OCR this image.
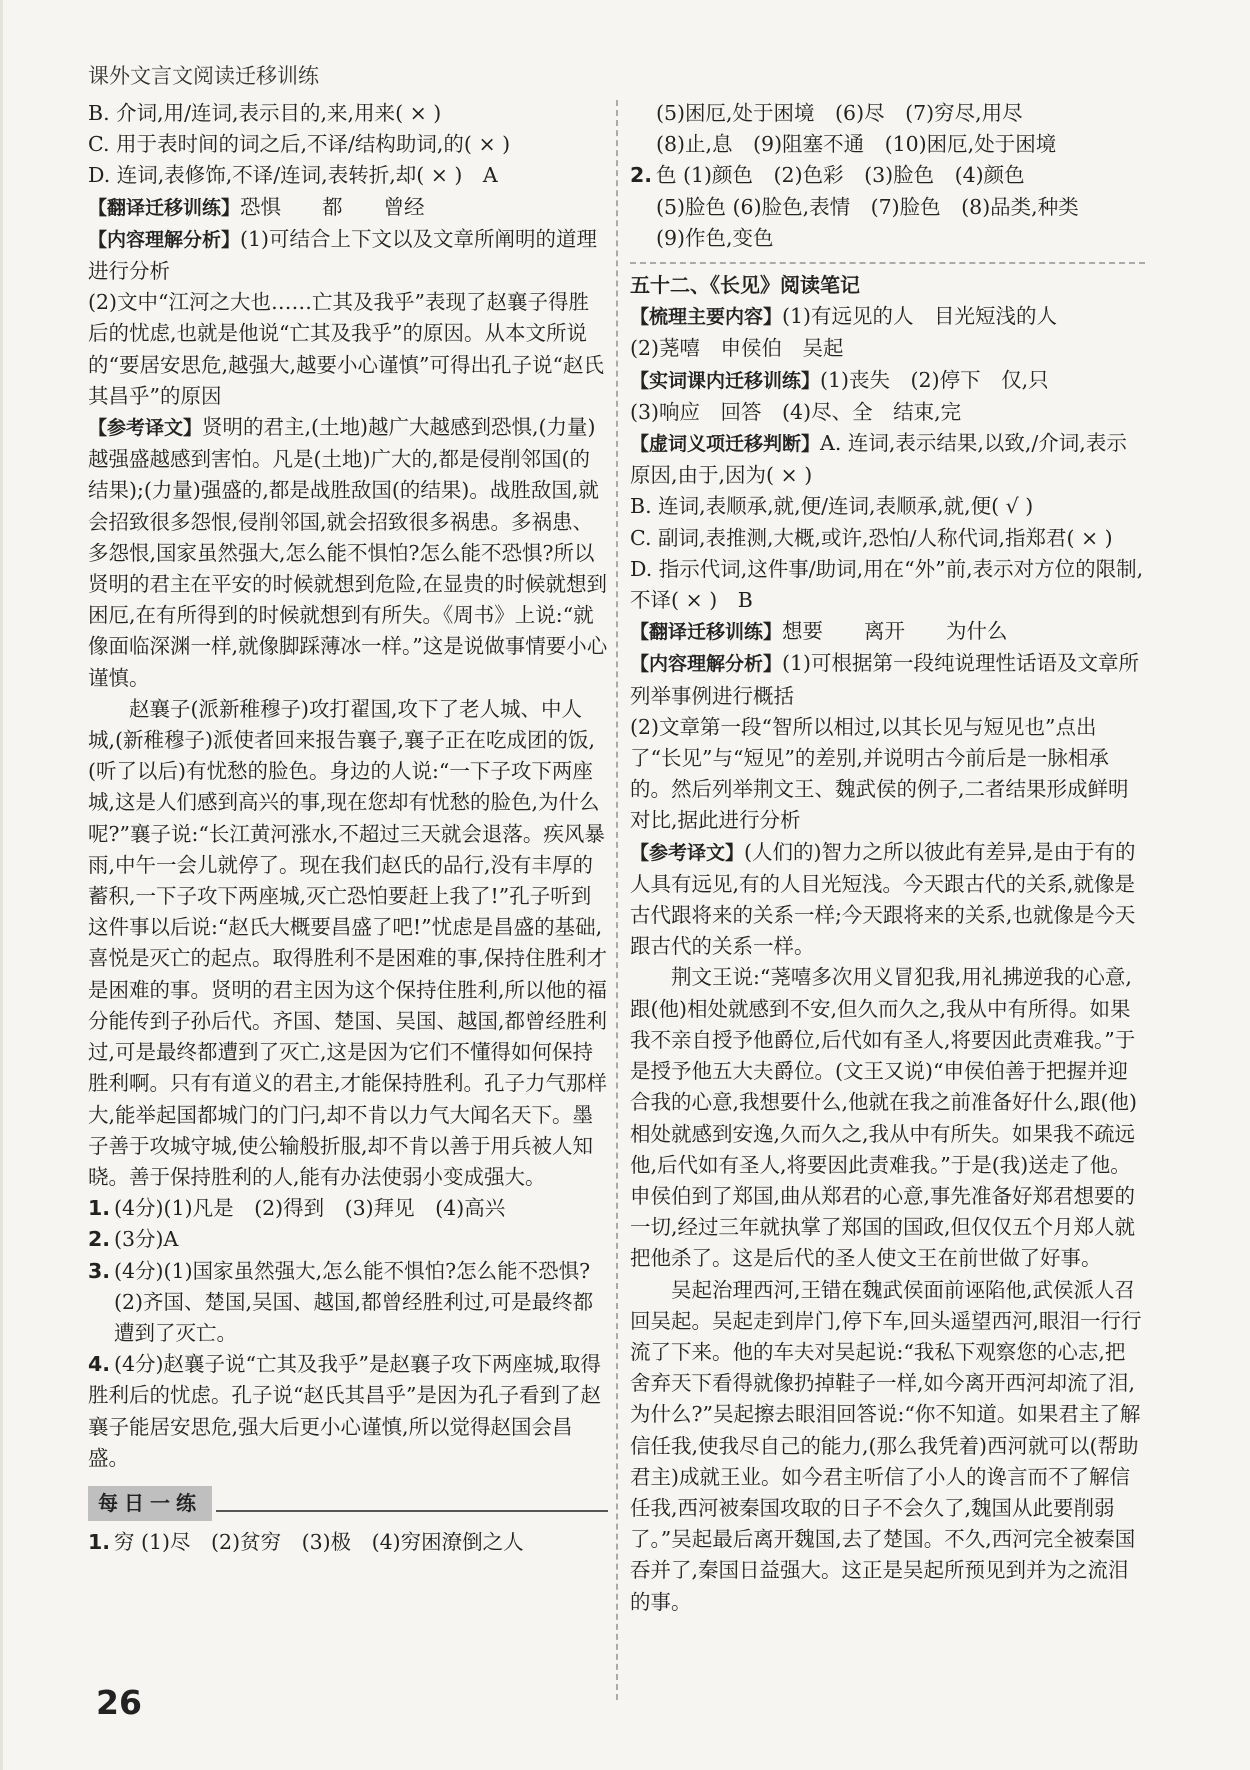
课外文言文阅读迁移训练

B. 介词,用/连词,表示目的,来,用来( × )

C. 用于表时间的词之后,不译/结构助词,的( × )

D. 连词,表修饰,不译/连词,表转折,却( × )　A

【翻译迁移训练】恐惧　　都　　曾经

【内容理解分析】(1)可结合上下文以及文章所阐明的道理进行分析

(2)文中“江河之大也……亡其及我乎”表现了赵襄子得胜后的忧虑,也就是他说“亡其及我乎”的原因。从本文所说的“要居安思危,越强大,越要小心谨慎”可得出孔子说“赵氏其昌乎”的原因

【参考译文】贤明的君主,(土地)越广大越感到恐惧,(力量)越强盛越感到害怕。凡是(土地)广大的,都是侵削邻国(的结果);(力量)强盛的,都是战胜敌国(的结果)。战胜敌国,就会招致很多怨恨,侵削邻国,就会招致很多祸患。多祸患、多怨恨,国家虽然强大,怎么能不惧怕?怎么能不恐惧?所以贤明的君主在平安的时候就想到危险,在显贵的时候就想到困厄,在有所得到的时候就想到有所失。《周书》上说:“就像面临深渊一样,就像脚踩薄冰一样。”这是说做事情要小心谨慎。

赵襄子(派新稚穆子)攻打翟国,攻下了老人城、中人城,(新稚穆子)派使者回来报告襄子,襄子正在吃成团的饭,(听了以后)有忧愁的脸色。身边的人说:“一下子攻下两座城,这是人们感到高兴的事,现在您却有忧愁的脸色,为什么呢?”襄子说:“长江黄河涨水,不超过三天就会退落。疾风暴雨,中午一会儿就停了。现在我们赵氏的品行,没有丰厚的蓄积,一下子攻下两座城,灭亡恐怕要赶上我了!”孔子听到这件事以后说:“赵氏大概要昌盛了吧!”忧虑是昌盛的基础,喜悦是灭亡的起点。取得胜利不是困难的事,保持住胜利才是困难的事。贤明的君主因为这个保持住胜利,所以他的福分能传到子孙后代。齐国、楚国、吴国、越国,都曾经胜利过,可是最终都遭到了灭亡,这是因为它们不懂得如何保持胜利啊。只有有道义的君主,才能保持胜利。孔子力气那样大,能举起国都城门的门闩,却不肯以力气大闻名天下。墨子善于攻城守城,使公输般折服,却不肯以善于用兵被人知晓。善于保持胜利的人,能有办法使弱小变成强大。

1. (4分)(1)凡是　(2)得到　(3)拜见　(4)高兴

2. (3分)A

3. (4分)(1)国家虽然强大,怎么能不惧怕?怎么能不恐惧?

(2)齐国、楚国,吴国、越国,都曾经胜利过,可是最终都遭到了灭亡。

4. (4分)赵襄子说“亡其及我乎”是赵襄子攻下两座城,取得胜利后的忧虑。孔子说“赵氏其昌乎”是因为孔子看到了赵襄子能居安思危,强大后更小心谨慎,所以觉得赵国会昌盛。

每日一练

1. 穷 (1)尽　(2)贫穷　(3)极　(4)穷困潦倒之人

(5)困厄,处于困境　(6)尽　(7)穷尽,用尽

(8)止,息　(9)阻塞不通　(10)困厄,处于困境

2. 色 (1)颜色　(2)色彩　(3)脸色　(4)颜色

(5)脸色 (6)脸色,表情　(7)脸色　(8)品类,种类

(9)作色,变色

五十二、《长见》阅读笔记

【梳理主要内容】(1)有远见的人　目光短浅的人

(2)荛嘻　申侯伯　吴起

【实词课内迁移训练】(1)丧失　(2)停下　仅,只

(3)响应　回答　(4)尽、全　结束,完

【虚词义项迁移判断】A. 连词,表示结果,以致,/介词,表示原因,由于,因为( × )

B. 连词,表顺承,就,便/连词,表顺承,就,便( √ )

C. 副词,表推测,大概,或许,恐怕/人称代词,指郑君( × )

D. 指示代词,这件事/助词,用在“外”前,表示对方位的限制,不译( × )　B

【翻译迁移训练】想要　　离开　　为什么

【内容理解分析】(1)可根据第一段纯说理性话语及文章所列举事例进行概括

(2)文章第一段“智所以相过,以其长见与短见也”点出了“长见”与“短见”的差别,并说明古今前后是一脉相承的。然后列举荆文王、魏武侯的例子,二者结果形成鲜明对比,据此进行分析

【参考译文】(人们的)智力之所以彼此有差异,是由于有的人具有远见,有的人目光短浅。今天跟古代的关系,就像是古代跟将来的关系一样;今天跟将来的关系,也就像是今天跟古代的关系一样。

荆文王说:“荛嘻多次用义冒犯我,用礼拂逆我的心意,跟(他)相处就感到不安,但久而久之,我从中有所得。如果我不亲自授予他爵位,后代如有圣人,将要因此责难我。”于是授予他五大夫爵位。(文王又说)“申侯伯善于把握并迎合我的心意,我想要什么,他就在我之前准备好什么,跟(他)相处就感到安逸,久而久之,我从中有所失。如果我不疏远他,后代如有圣人,将要因此责难我。”于是(我)送走了他。申侯伯到了郑国,曲从郑君的心意,事先准备好郑君想要的一切,经过三年就执掌了郑国的国政,但仅仅五个月郑人就把他杀了。这是后代的圣人使文王在前世做了好事。

吴起治理西河,王错在魏武侯面前诬陷他,武侯派人召回吴起。吴起走到岸门,停下车,回头遥望西河,眼泪一行行流了下来。他的车夫对吴起说:“我私下观察您的心志,把舍弃天下看得就像扔掉鞋子一样,如今离开西河却流了泪,为什么?”吴起擦去眼泪回答说:“你不知道。如果君主了解信任我,使我尽自己的能力,(那么我凭着)西河就可以(帮助君主)成就王业。如今君主听信了小人的谗言而不了解信任我,西河被秦国攻取的日子不会久了,魏国从此要削弱了。”吴起最后离开魏国,去了楚国。不久,西河完全被秦国吞并了,秦国日益强大。这正是吴起所预见到并为之流泪的事。

26
